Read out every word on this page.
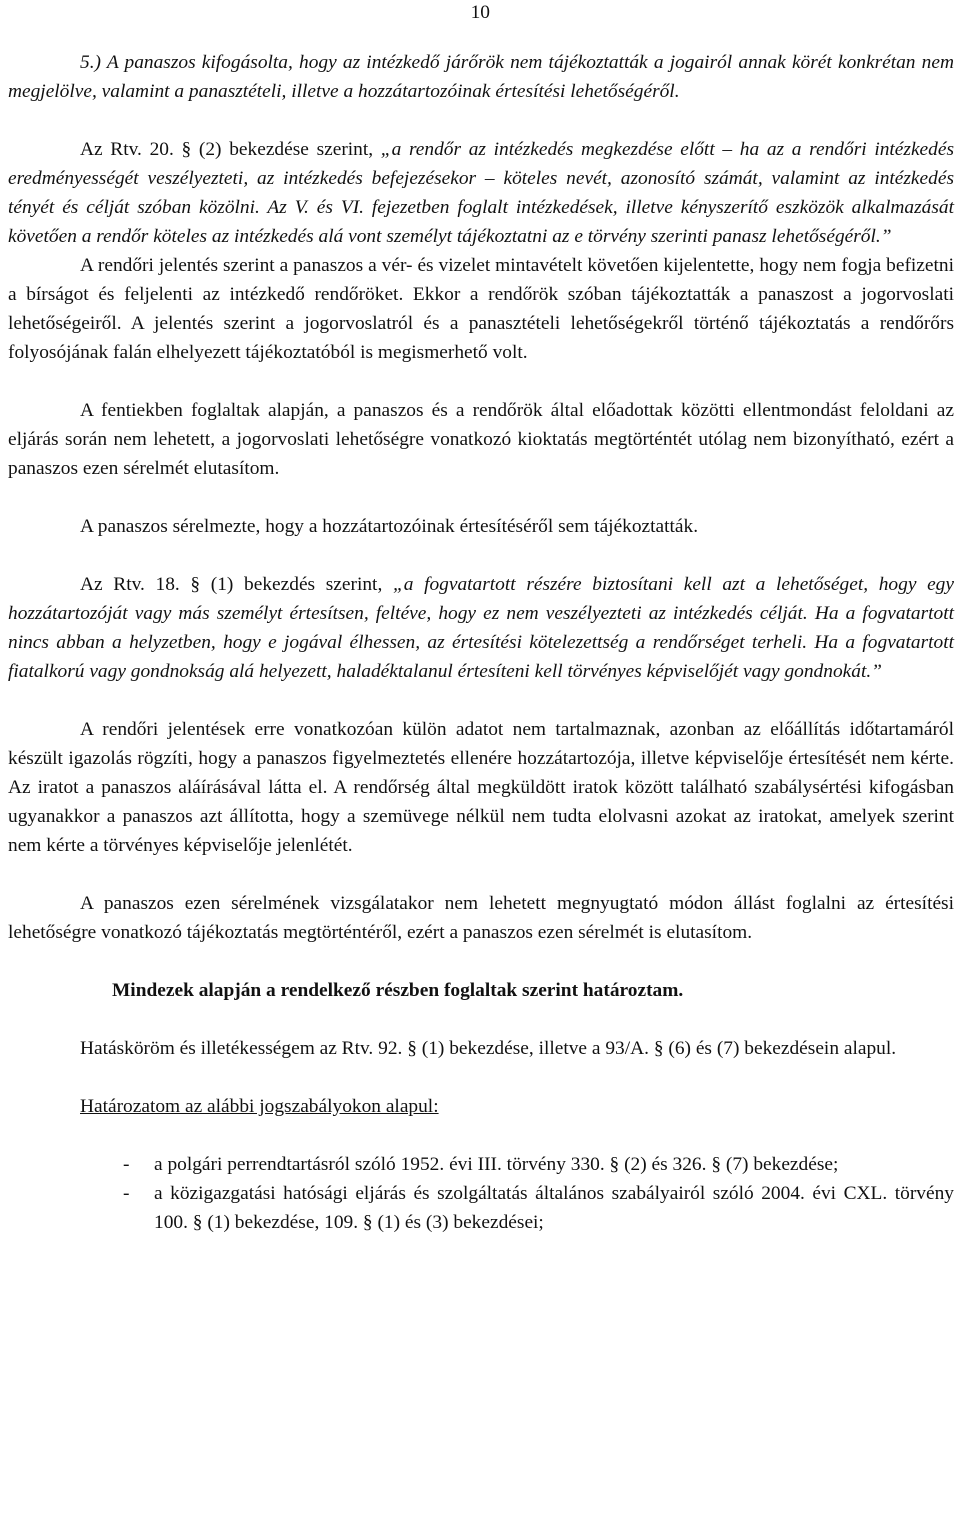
10

5.) A panaszos kifogásolta, hogy az intézkedő járőrök nem tájékoztatták a jogairól annak körét konkrétan nem megjelölve, valamint a panasztételi, illetve a hozzátartozóinak értesítési lehetőségéről.

Az Rtv. 20. § (2) bekezdése szerint, „a rendőr az intézkedés megkezdése előtt – ha az a rendőri intézkedés eredményességét veszélyezteti, az intézkedés befejezésekor – köteles nevét, azonosító számát, valamint az intézkedés tényét és célját szóban közölni. Az V. és VI. fejezetben foglalt intézkedések, illetve kényszerítő eszközök alkalmazását követően a rendőr köteles az intézkedés alá vont személyt tájékoztatni az e törvény szerinti panasz lehetőségéről.”

A rendőri jelentés szerint a panaszos a vér- és vizelet mintavételt követően kijelentette, hogy nem fogja befizetni a bírságot és feljelenti az intézkedő rendőröket. Ekkor a rendőrök szóban tájékoztatták a panaszost a jogorvoslati lehetőségeiről. A jelentés szerint a jogorvoslatról és a panasztételi lehetőségekről történő tájékoztatás a rendőrőrs folyosójának falán elhelyezett tájékoztatóból is megismerhető volt.

A fentiekben foglaltak alapján, a panaszos és a rendőrök által előadottak közötti ellentmondást feloldani az eljárás során nem lehetett, a jogorvoslati lehetőségre vonatkozó kioktatás megtörténtét utólag nem bizonyítható, ezért a panaszos ezen sérelmét elutasítom.

A panaszos sérelmezte, hogy a hozzátartozóinak értesítéséről sem tájékoztatták.

Az Rtv. 18. § (1) bekezdés szerint, „a fogvatartott részére biztosítani kell azt a lehetőséget, hogy egy hozzátartozóját vagy más személyt értesítsen, feltéve, hogy ez nem veszélyezteti az intézkedés célját. Ha a fogvatartott nincs abban a helyzetben, hogy e jogával élhessen, az értesítési kötelezettség a rendőrséget terheli. Ha a fogvatartott fiatalkorú vagy gondnokság alá helyezett, haladéktalanul értesíteni kell törvényes képviselőjét vagy gondnokát.”

A rendőri jelentések erre vonatkozóan külön adatot nem tartalmaznak, azonban az előállítás időtartamáról készült igazolás rögzíti, hogy a panaszos figyelmeztetés ellenére hozzátartozója, illetve képviselője értesítését nem kérte. Az iratot a panaszos aláírásával látta el. A rendőrség által megküldött iratok között található szabálysértési kifogásban ugyanakkor a panaszos azt állította, hogy a szemüvege nélkül nem tudta elolvasni azokat az iratokat, amelyek szerint nem kérte a törvényes képviselője jelenlétét.

A panaszos ezen sérelmének vizsgálatakor nem lehetett megnyugtató módon állást foglalni az értesítési lehetőségre vonatkozó tájékoztatás megtörténtéről, ezért a panaszos ezen sérelmét is elutasítom.

Mindezek alapján a rendelkező részben foglaltak szerint határoztam.

Hatásköröm és illetékességem az Rtv. 92. § (1) bekezdése, illetve a 93/A. § (6) és (7) bekezdésein alapul.

Határozatom az alábbi jogszabályokon alapul:

- a polgári perrendtartásról szóló 1952. évi III. törvény 330. § (2) és 326. § (7) bekezdése;
- a közigazgatási hatósági eljárás és szolgáltatás általános szabályairól szóló 2004. évi CXL. törvény 100. § (1) bekezdése, 109. § (1) és (3) bekezdései;
